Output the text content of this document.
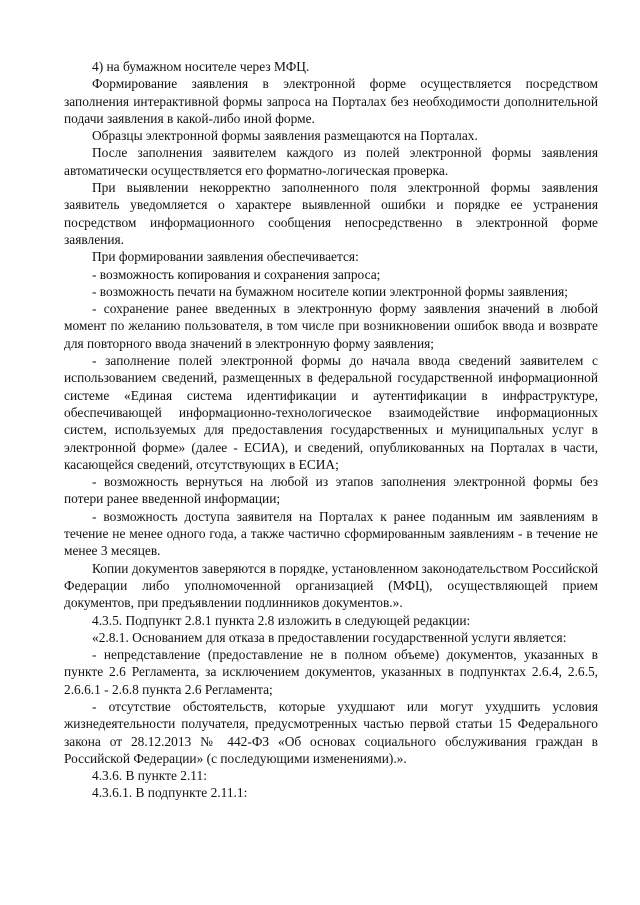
4) на бумажном носителе через МФЦ.

Формирование заявления в электронной форме осуществляется посредством заполнения интерактивной формы запроса на Порталах без необходимости дополнительной подачи заявления в какой-либо иной форме.

Образцы электронной формы заявления размещаются на Порталах.

После заполнения заявителем каждого из полей электронной формы заявления автоматически осуществляется его форматно-логическая проверка.

При выявлении некорректно заполненного поля электронной формы заявления заявитель уведомляется о характере выявленной ошибки и порядке ее устранения посредством информационного сообщения непосредственно в электронной форме заявления.

При формировании заявления обеспечивается:

- возможность копирования и сохранения запроса;

- возможность печати на бумажном носителе копии электронной формы заявления;

- сохранение ранее введенных в электронную форму заявления значений в любой момент по желанию пользователя, в том числе при возникновении ошибок ввода и возврате для повторного ввода значений в электронную форму заявления;

- заполнение полей электронной формы до начала ввода сведений заявителем с использованием сведений, размещенных в федеральной государственной информационной системе «Единая система идентификации и аутентификации в инфраструктуре, обеспечивающей информационно-технологическое взаимодействие информационных систем, используемых для предоставления государственных и муниципальных услуг в электронной форме» (далее - ЕСИА), и сведений, опубликованных на Порталах в части, касающейся сведений, отсутствующих в ЕСИА;

- возможность вернуться на любой из этапов заполнения электронной формы без потери ранее введенной информации;

- возможность доступа заявителя на Порталах к ранее поданным им заявлениям в течение не менее одного года, а также частично сформированным заявлениям - в течение не менее 3 месяцев.

Копии документов заверяются в порядке, установленном законодательством Российской Федерации либо уполномоченной организацией (МФЦ), осуществляющей прием документов, при предъявлении подлинников документов.».

4.3.5. Подпункт 2.8.1 пункта 2.8 изложить в следующей редакции:

«2.8.1. Основанием для отказа в предоставлении государственной услуги является:

- непредставление (предоставление не в полном объеме) документов, указанных в пункте 2.6 Регламента, за исключением документов, указанных в подпунктах 2.6.4, 2.6.5, 2.6.6.1 - 2.6.8 пункта 2.6 Регламента;

- отсутствие обстоятельств, которые ухудшают или могут ухудшить условия жизнедеятельности получателя, предусмотренных частью первой статьи 15 Федерального закона от 28.12.2013 № 442-ФЗ «Об основах социального обслуживания граждан в Российской Федерации» (с последующими изменениями).».

4.3.6. В пункте 2.11:

4.3.6.1. В подпункте 2.11.1:
